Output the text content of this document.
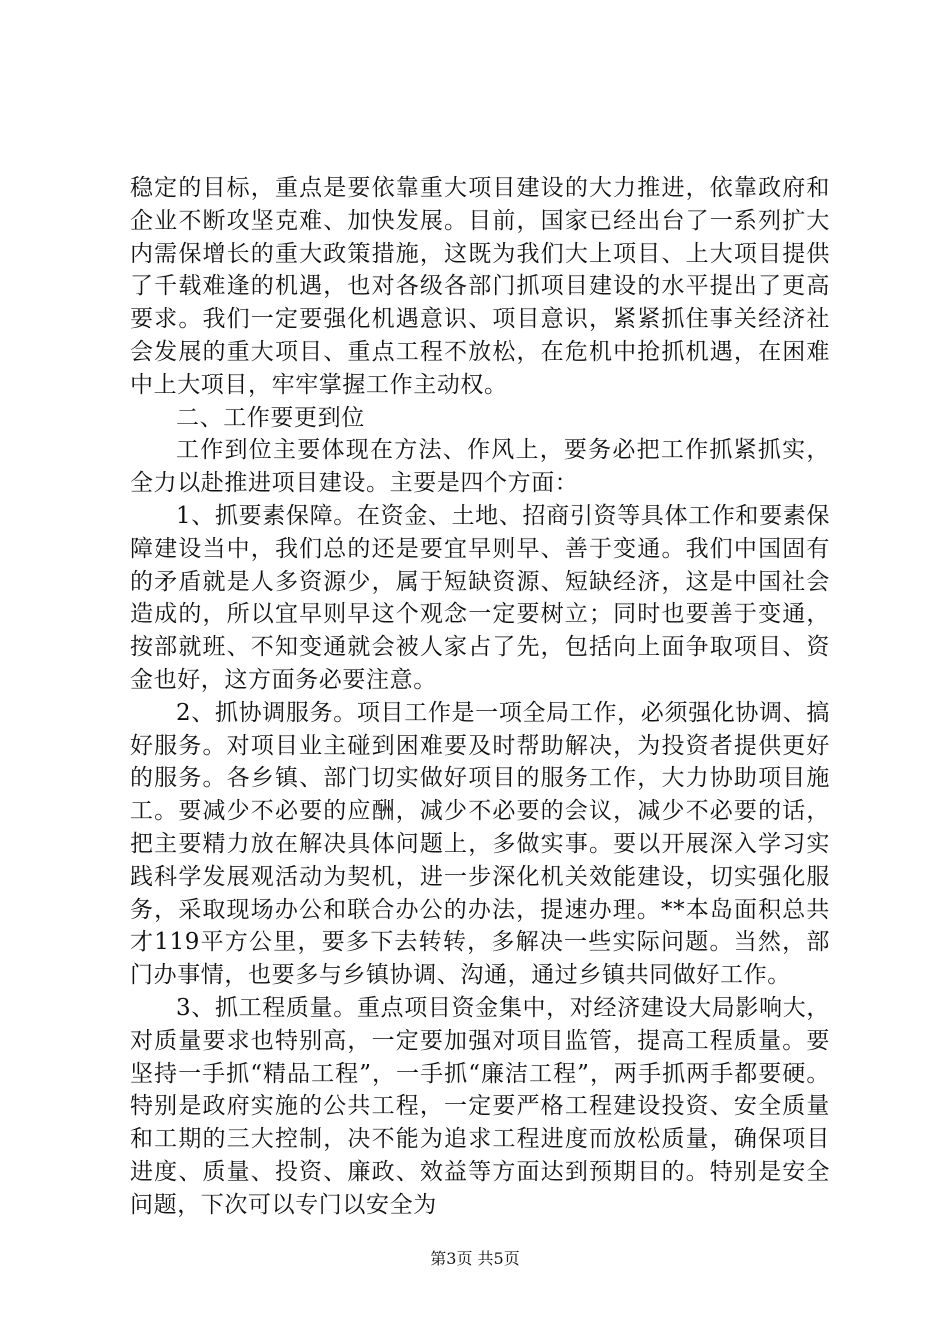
稳定的目标，重点是要依靠重大项目建设的大力推进，依靠政府和企业不断攻坚克难、加快发展。目前，国家已经出台了一系列扩大内需保增长的重大政策措施，这既为我们大上项目、上大项目提供了千载难逢的机遇，也对各级各部门抓项目建设的水平提出了更高要求。我们一定要强化机遇意识、项目意识，紧紧抓住事关经济社会发展的重大项目、重点工程不放松，在危机中抢抓机遇，在困难中上大项目，牢牢掌握工作主动权。

二、工作要更到位

工作到位主要体现在方法、作风上，要务必把工作抓紧抓实，全力以赴推进项目建设。主要是四个方面：

1、抓要素保障。在资金、土地、招商引资等具体工作和要素保障建设当中，我们总的还是要宜早则早、善于变通。我们中国固有的矛盾就是人多资源少，属于短缺资源、短缺经济，这是中国社会造成的，所以宜早则早这个观念一定要树立；同时也要善于变通，按部就班、不知变通就会被人家占了先，包括向上面争取项目、资金也好，这方面务必要注意。

2、抓协调服务。项目工作是一项全局工作，必须强化协调、搞好服务。对项目业主碰到困难要及时帮助解决，为投资者提供更好的服务。各乡镇、部门切实做好项目的服务工作，大力协助项目施工。要减少不必要的应酬，减少不必要的会议，减少不必要的话，把主要精力放在解决具体问题上，多做实事。要以开展深入学习实践科学发展观活动为契机，进一步深化机关效能建设，切实强化服务，采取现场办公和联合办公的办法，提速办理。**本岛面积总共才119平方公里，要多下去转转，多解决一些实际问题。当然，部门办事情，也要多与乡镇协调、沟通，通过乡镇共同做好工作。

3、抓工程质量。重点项目资金集中，对经济建设大局影响大，对质量要求也特别高，一定要加强对项目监管，提高工程质量。要坚持一手抓“精品工程”，一手抓“廉洁工程”，两手抓两手都要硬。特别是政府实施的公共工程，一定要严格工程建设投资、安全质量和工期的三大控制，决不能为追求工程进度而放松质量，确保项目进度、质量、投资、廉政、效益等方面达到预期目的。特别是安全问题，下次可以专门以安全为

第3页 共5页
